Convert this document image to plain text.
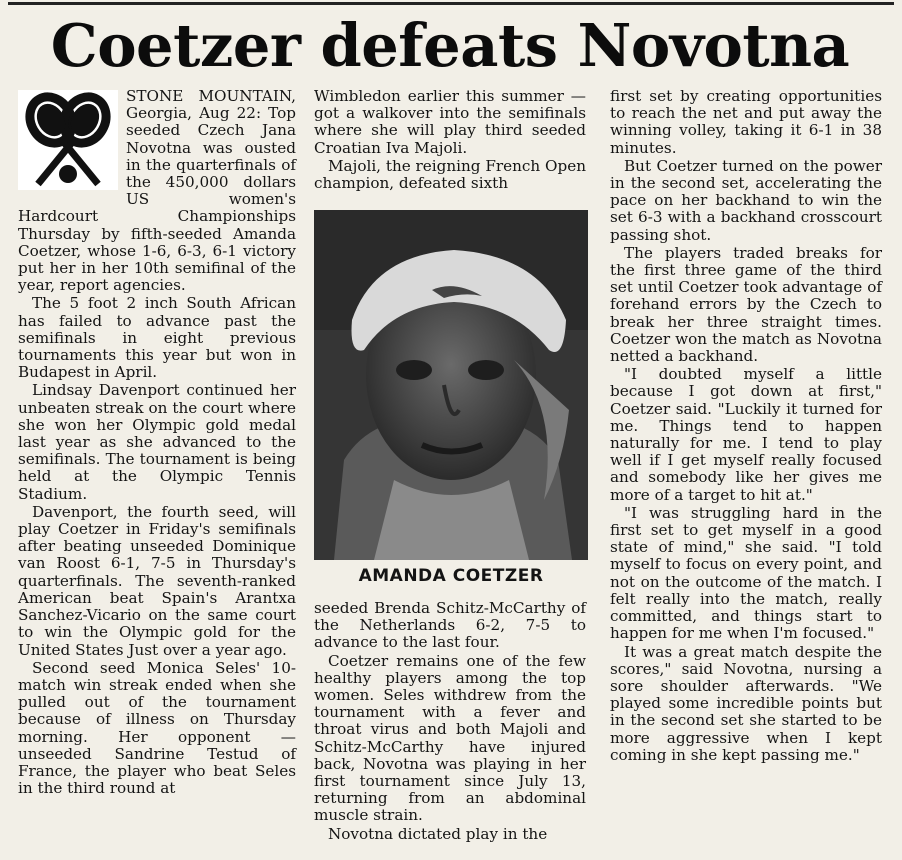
Coetzer defeats Novotna

STONE MOUNTAIN, Georgia, Aug 22: Top seeded Czech Jana Novotna was ousted in the quarterfinals of the 450,000 dollars US women's Hardcourt Championships Thursday by fifth-seeded Amanda Coetzer, whose 1-6, 6-3, 6-1 victory put her in her 10th semifinal of the year, report agencies.

The 5 foot 2 inch South African has failed to advance past the semifinals in eight previous tournaments this year but won in Budapest in April.

Lindsay Davenport continued her unbeaten streak on the court where she won her Olympic gold medal last year as she advanced to the semifinals. The tournament is being held at the Olympic Tennis Stadium.

Davenport, the fourth seed, will play Coetzer in Friday's semifinals after beating unseeded Dominique van Roost 6-1, 7-5 in Thursday's quarterfinals. The seventh-ranked American beat Spain's Arantxa Sanchez-Vicario on the same court to win the Olympic gold for the United States Just over a year ago.

Second seed Monica Seles' 10-match win streak ended when she pulled out of the tournament because of illness on Thursday morning. Her opponent — unseeded Sandrine Testud of France, the player who beat Seles in the third round at

Wimbledon earlier this summer — got a walkover into the semifinals where she will play third seeded Croatian Iva Majoli.

Majoli, the reigning French Open champion, defeated sixth

AMANDA COETZER

seeded Brenda Schitz-McCarthy of the Netherlands 6-2, 7-5 to advance to the last four.

Coetzer remains one of the few healthy players among the top women. Seles withdrew from the tournament with a fever and throat virus and both Majoli and Schitz-McCarthy have injured back, Novotna was playing in her first tournament since July 13, returning from an abdominal muscle strain.

Novotna dictated play in the

first set by creating opportunities to reach the net and put away the winning volley, taking it 6-1 in 38 minutes.

But Coetzer turned on the power in the second set, accelerating the pace on her backhand to win the set 6-3 with a backhand crosscourt passing shot.

The players traded breaks for the first three game of the third set until Coetzer took advantage of forehand errors by the Czech to break her three straight times. Coetzer won the match as Novotna netted a backhand.

"I doubted myself a little because I got down at first," Coetzer said. "Luckily it turned for me. Things tend to happen naturally for me. I tend to play well if I get myself really focused and somebody like her gives me more of a target to hit at."

"I was struggling hard in the first set to get myself in a good state of mind," she said. "I told myself to focus on every point, and not on the outcome of the match. I felt really into the match, really committed, and things start to happen for me when I'm focused."

It was a great match despite the scores," said Novotna, nursing a sore shoulder afterwards. "We played some incredible points but in the second set she started to be more aggressive when I kept coming in she kept passing me."
